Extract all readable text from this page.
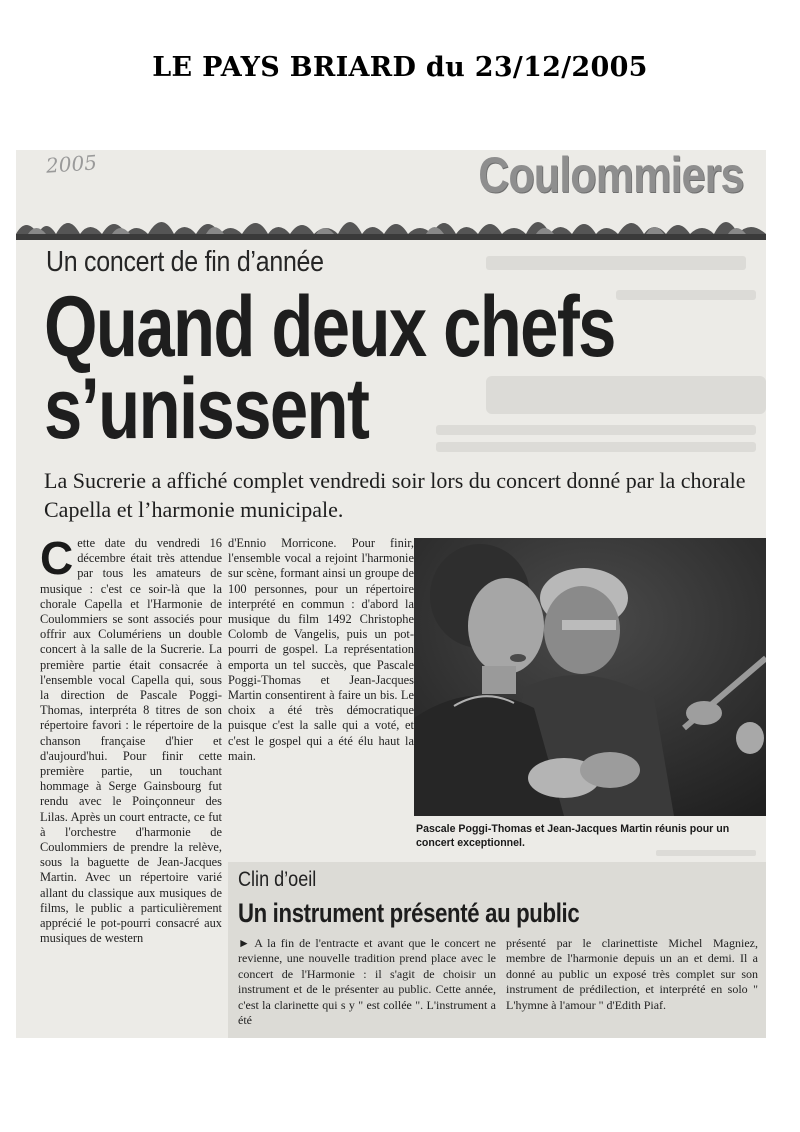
LE PAYS BRIARD du 23/12/2005
2005	Coulommiers
Un concert de fin d’année
Quand deux chefs s’unissent
La Sucrerie a affiché complet vendredi soir lors du concert donné par la chorale Capella et l’harmonie municipale.
Cette date du vendredi 16 décembre était très attendue par tous les amateurs de musique : c'est ce soir-là que la chorale Capella et l'Harmonie de Coulommiers se sont associés pour offrir aux Columériens un double concert à la salle de la Sucrerie. La première partie était consacrée à l'ensemble vocal Capella qui, sous la direction de Pascale Poggi-Thomas, interpréta 8 titres de son répertoire favori : le répertoire de la chanson française d'hier et d'aujourd'hui. Pour finir cette première partie, un touchant hommage à Serge Gainsbourg fut rendu avec le Poinçonneur des Lilas. Après un court entracte, ce fut à l'orchestre d'harmonie de Coulommiers de prendre la relève, sous la baguette de Jean-Jacques Martin. Avec un répertoire varié allant du classique aux musiques de films, le public a particulièrement apprécié le pot-pourri consacré aux musiques de western
d'Ennio Morricone. Pour finir, l'ensemble vocal a rejoint l'harmonie sur scène, formant ainsi un groupe de 100 personnes, pour un répertoire interprété en commun : d'abord la musique du film 1492 Christophe Colomb de Vangelis, puis un pot-pourri de gospel. La représentation emporta un tel succès, que Pascale Poggi-Thomas et Jean-Jacques Martin consentirent à faire un bis. Le choix a été très démocratique puisque c'est la salle qui a voté, et c'est le gospel qui a été élu haut la main.
Pascale Poggi-Thomas et Jean-Jacques Martin réunis pour un concert exceptionnel.
Clin d’oeil
Un instrument présenté au public
► A la fin de l'entracte et avant que le concert ne revienne, une nouvelle tradition prend place avec le concert de l'Harmonie : il s'agit de choisir un instrument et de le présenter au public. Cette année, c'est la clarinette qui s y " est collée ". L'instrument a été
présenté par le clarinettiste Michel Magniez, membre de l'harmonie depuis un an et demi. Il a donné au public un exposé très complet sur son instrument de prédilection, et interprété en solo " L'hymne à l'amour " d'Edith Piaf.
